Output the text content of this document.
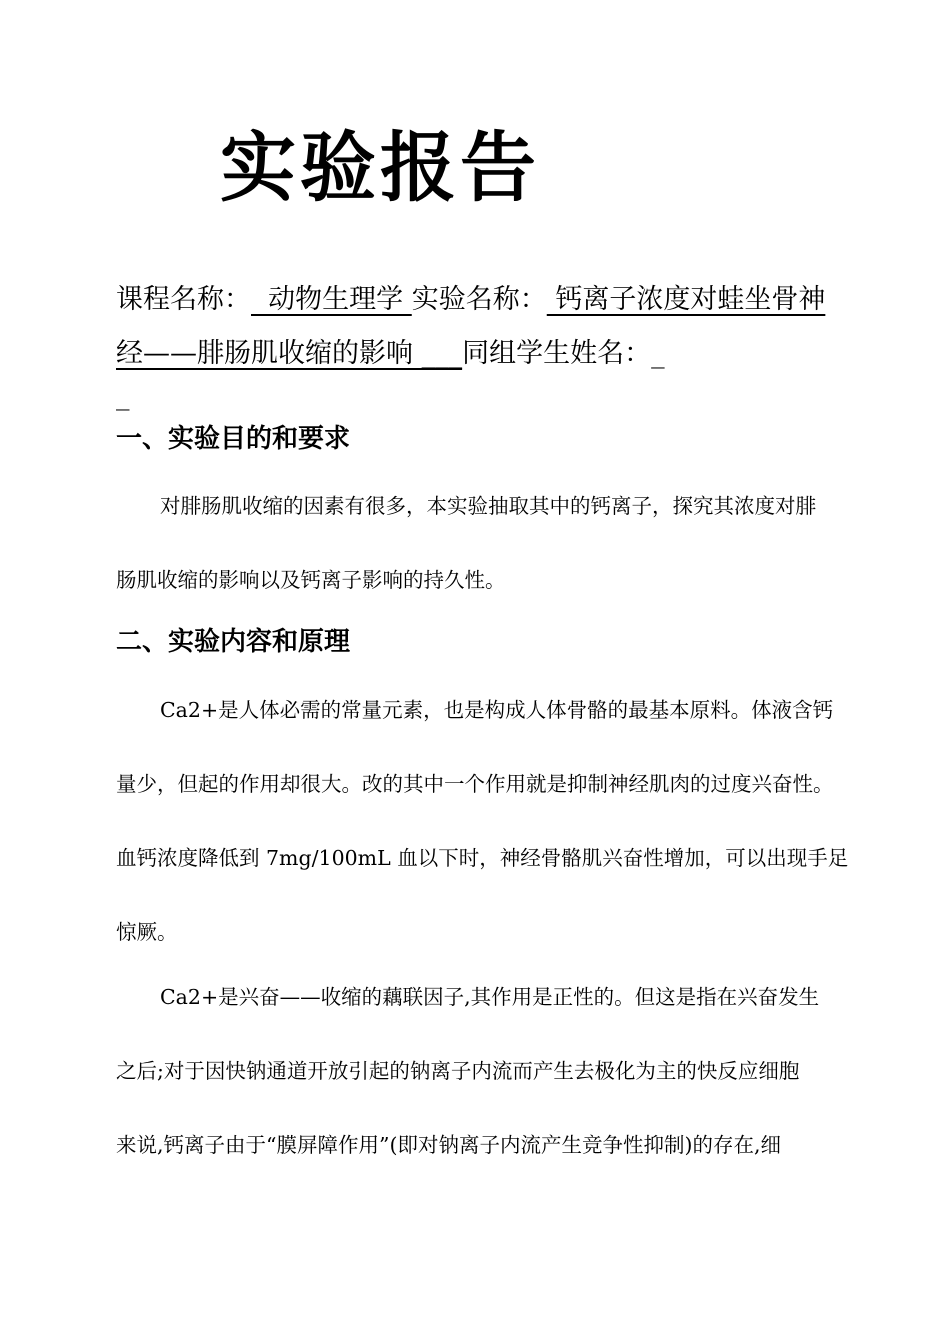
实验报告
课程名称：  动物生理学 实验名称： 钙离子浓度对蛙坐骨神
经——腓肠肌收缩的影响 ___同组学生姓名：_
_
一、实验目的和要求
对腓肠肌收缩的因素有很多，本实验抽取其中的钙离子，探究其浓度对腓
肠肌收缩的影响以及钙离子影响的持久性。
二、实验内容和原理
Ca2+是人体必需的常量元素，也是构成人体骨骼的最基本原料。体液含钙
量少，但起的作用却很大。改的其中一个作用就是抑制神经肌肉的过度兴奋性。
血钙浓度降低到 7mg/100mL 血以下时，神经骨骼肌兴奋性增加，可以出现手足
惊厥。
Ca2+是兴奋——收缩的藕联因子,其作用是正性的。但这是指在兴奋发生
之后;对于因快钠通道开放引起的钠离子内流而产生去极化为主的快反应细胞
来说,钙离子由于“膜屏障作用”(即对钠离子内流产生竞争性抑制)的存在,细
